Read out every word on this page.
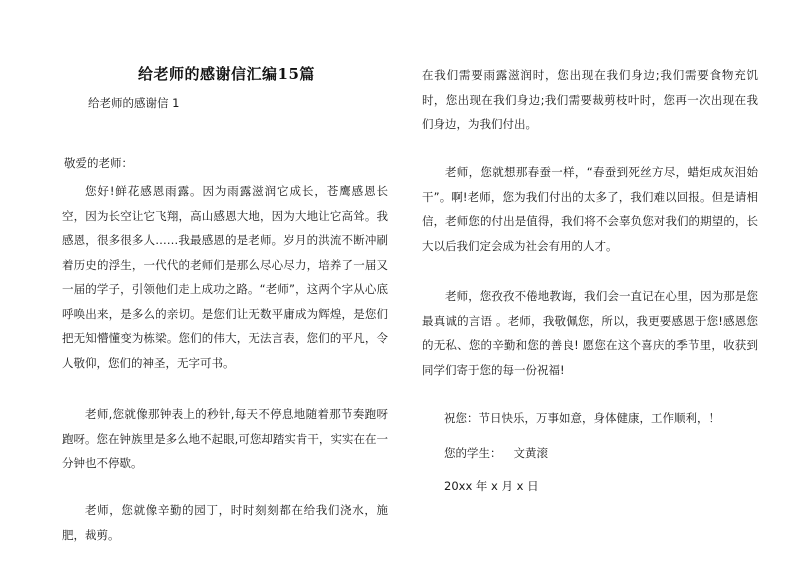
给老师的感谢信汇编15篇
给老师的感谢信 1
敬爱的老师：

您好!鲜花感恩雨露。因为雨露滋润它成长，苍鹰感恩长空，因为长空让它飞翔，高山感恩大地，因为大地让它高耸。我感恩，很多很多人……我最感恩的是老师。岁月的洪流不断冲刷着历史的浮生，一代代的老师们是那么尽心尽力，培养了一届又一届的学子，引领他们走上成功之路。“老师”，这两个字从心底呼唤出来，是多么的亲切。是您们让无数平庸成为辉煌，是您们把无知懵懂变为栋梁。您们的伟大，无法言表，您们的平凡，令人敬仰，您们的神圣，无字可书。

老师,您就像那钟表上的秒针,每天不停息地随着那节奏跑呀跑呀。您在钟族里是多么地不起眼,可您却踏实肯干，实实在在一分钟也不停歇。

老师，您就像辛勤的园丁，时时刻刻都在给我们浇水，施肥，裁剪。

在我们需要雨露滋润时，您出现在我们身边;我们需要食物充饥时，您出现在我们身边;我们需要裁剪枝叶时，您再一次出现在我们身边，为我们付出。

老师，您就想那春蚕一样，“春蚕到死丝方尽，蜡炬成灰泪始干”。啊!老师，您为我们付出的太多了，我们难以回报。但是请相信，老师您的付出是值得，我们将不会辜负您对我们的期望的，长大以后我们定会成为社会有用的人才。

老师，您孜孜不倦地教诲，我们会一直记在心里，因为那是您最真诚的言语 。老师，我敬佩您，所以，我更要感恩于您!感恩您的无私、您的辛勤和您的善良! 愿您在这个喜庆的季节里，收获到同学们寄于您的每一份祝福!

祝您：节日快乐，万事如意，身体健康，工作顺利，！
您的学生： 文黄滚
20xx 年 x 月 x 日
